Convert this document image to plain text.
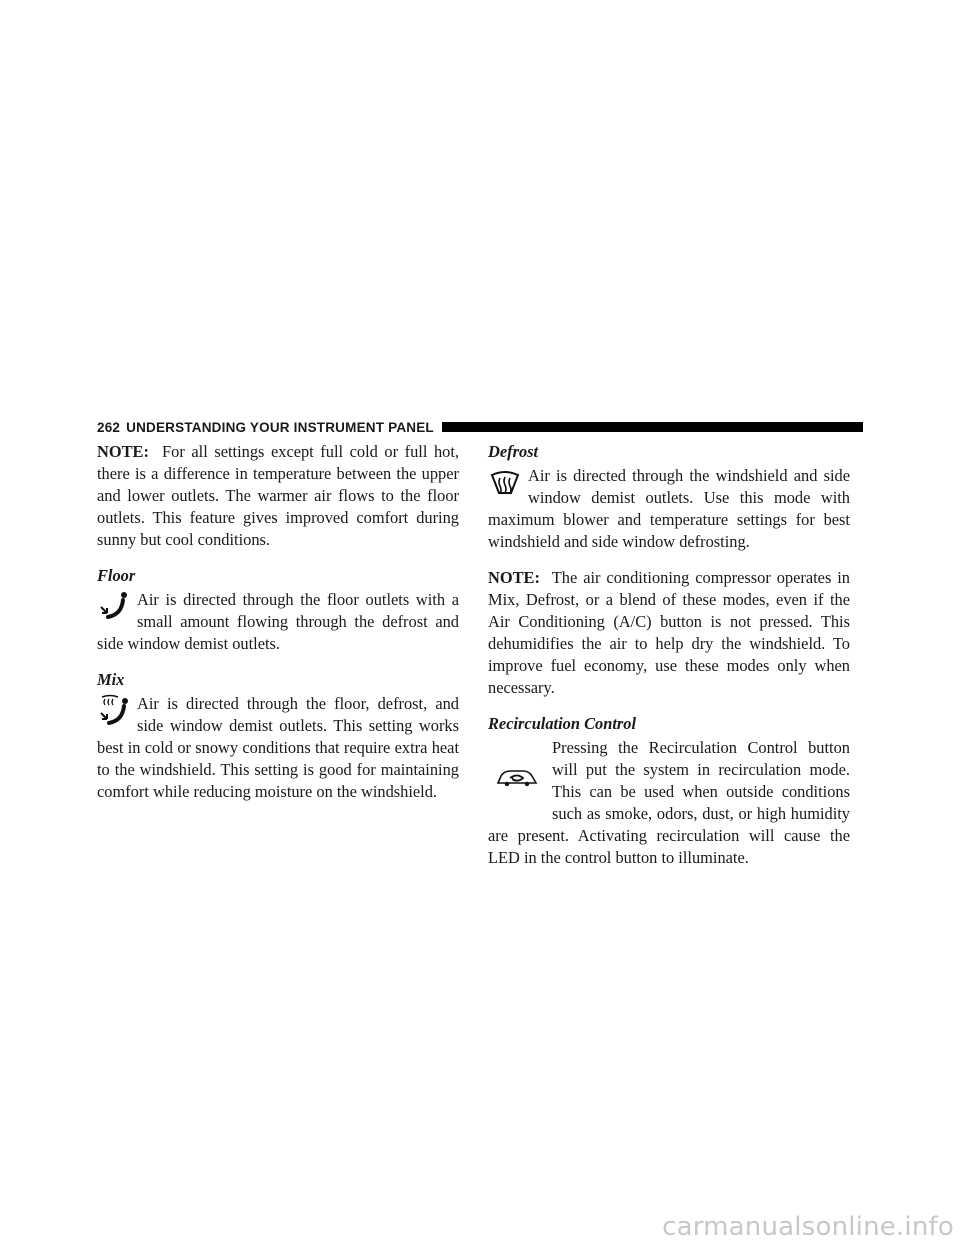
262 UNDERSTANDING YOUR INSTRUMENT PANEL

NOTE: For all settings except full cold or full hot, there is a difference in temperature between the upper and lower outlets. The warmer air flows to the floor outlets. This feature gives improved comfort during sunny but cool conditions.

Floor

Air is directed through the floor outlets with a small amount flowing through the defrost and side window demist outlets.

Mix

Air is directed through the floor, defrost, and side window demist outlets. This setting works best in cold or snowy conditions that require extra heat to the windshield. This setting is good for maintaining comfort while reducing moisture on the windshield.

Defrost

Air is directed through the windshield and side window demist outlets. Use this mode with maximum blower and temperature settings for best windshield and side window defrosting.

NOTE: The air conditioning compressor operates in Mix, Defrost, or a blend of these modes, even if the Air Conditioning (A/C) button is not pressed. This dehumidifies the air to help dry the windshield. To improve fuel economy, use these modes only when necessary.

Recirculation Control

Pressing the Recirculation Control button will put the system in recirculation mode. This can be used when outside conditions such as smoke, odors, dust, or high humidity are present. Activating recirculation will cause the LED in the control button to illuminate.

carmanualsonline.info
